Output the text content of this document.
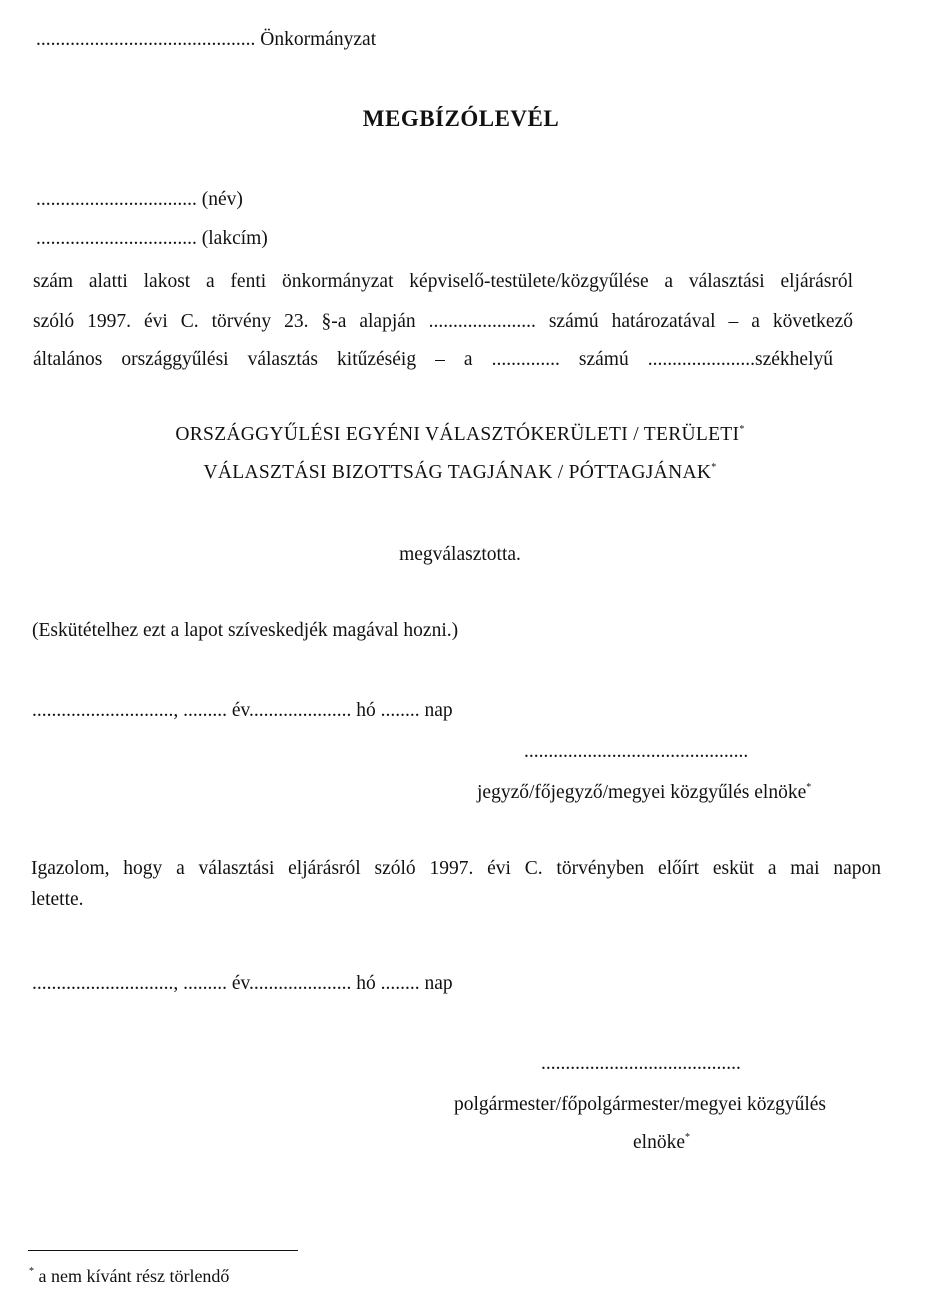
............................................. Önkormányzat
MEGBÍZÓLEVÉL
................................. (név)
................................. (lakcím)
szám alatti lakost a fenti önkormányzat képviselő-testülete/közgyűlése a választási eljárásról
szóló 1997. évi C. törvény 23. §-a alapján ...................... számú határozatával – a következő
általános országgyűlési választás kitűzéséig – a .............. számú ......................székhelyű
ORSZÁGGYŰLÉSI EGYÉNI VÁLASZTÓKERÜLETI / TERÜLETI*
VÁLASZTÁSI BIZOTTSÁG TAGJÁNAK / PÓTTAGJÁNAK*
megválasztotta.
(Eskütételhez ezt a lapot szíveskedjék magával hozni.)
............................., ......... év..................... hó ........ nap
..............................................
jegyző/főjegyző/megyei közgyűlés elnöke*
Igazolom, hogy a választási eljárásról szóló 1997. évi C. törvényben előírt esküt a mai napon
letette.
............................., ......... év..................... hó ........ nap
.........................................
polgármester/főpolgármester/megyei közgyűlés
elnöke*
* a nem kívánt rész törlendő
